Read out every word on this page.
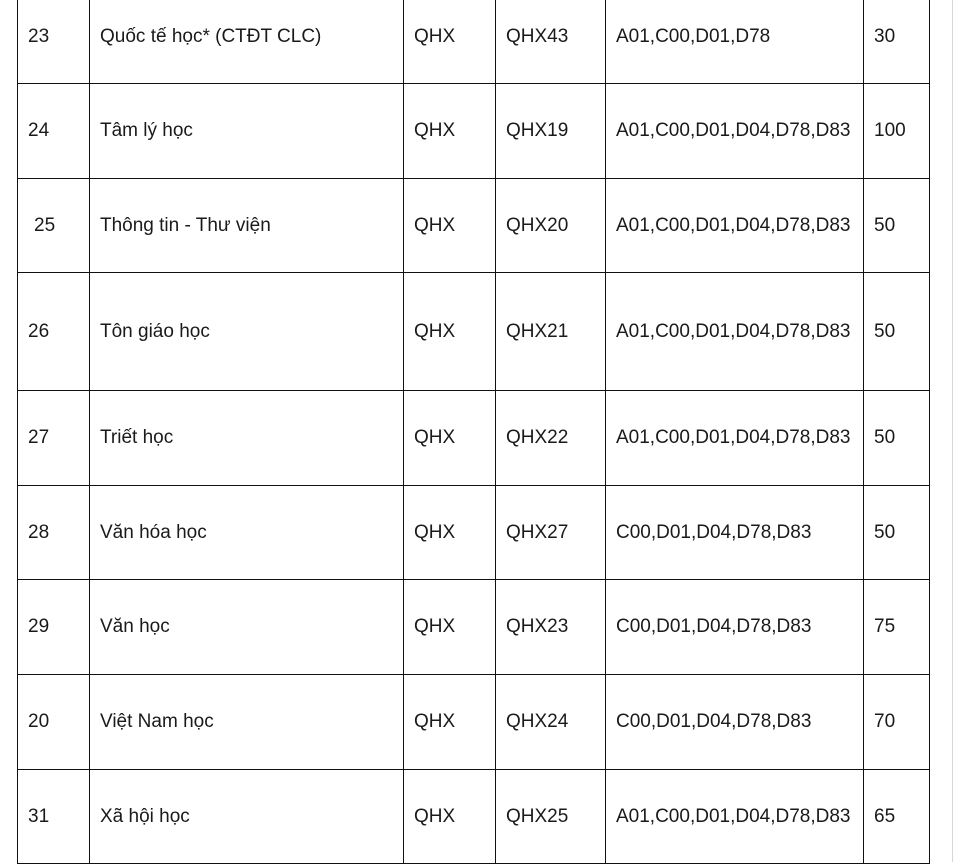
23	Quốc tế học* (CTĐT CLC)	QHX	QHX43	A01,C00,D01,D78	30
24	Tâm lý học	QHX	QHX19	A01,C00,D01,D04,D78,D83	100
25	Thông tin - Thư viện	QHX	QHX20	A01,C00,D01,D04,D78,D83	50
26	Tôn giáo học	QHX	QHX21	A01,C00,D01,D04,D78,D83	50
27	Triết học	QHX	QHX22	A01,C00,D01,D04,D78,D83	50
28	Văn hóa học	QHX	QHX27	C00,D01,D04,D78,D83	50
29	Văn học	QHX	QHX23	C00,D01,D04,D78,D83	75
20	Việt Nam học	QHX	QHX24	C00,D01,D04,D78,D83	70
31	Xã hội học	QHX	QHX25	A01,C00,D01,D04,D78,D83	65
